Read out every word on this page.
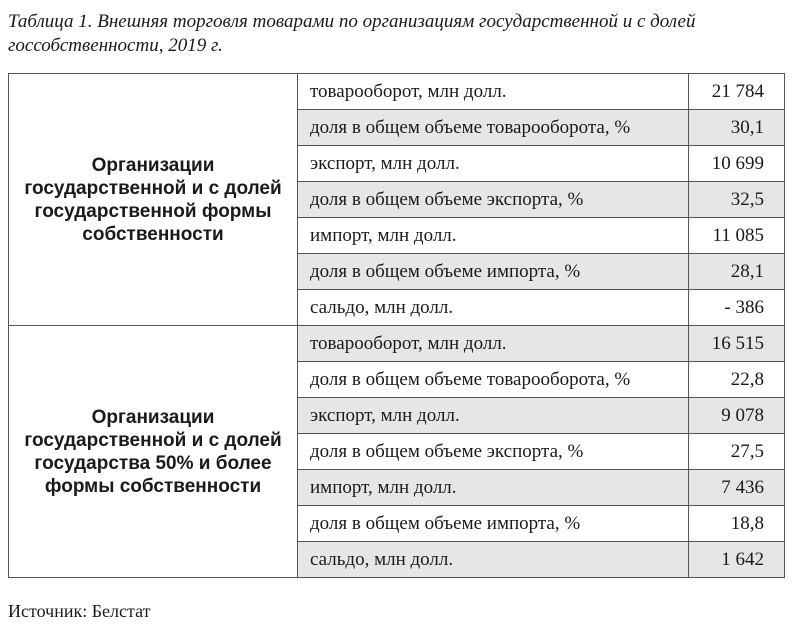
Таблица 1. Внешняя торговля товарами по организациям государственной и с долей госсобственности, 2019 г.

Организации государственной и с долей государственной формы собственности	товарооборот, млн долл.	21 784
	доля в общем объеме товарооборота, %	30,1
	экспорт, млн долл.	10 699
	доля в общем объеме экспорта, %	32,5
	импорт, млн долл.	11 085
	доля в общем объеме импорта, %	28,1
	сальдо, млн долл.	- 386
Организации государственной и с долей государства 50% и более формы собственности	товарооборот, млн долл.	16 515
	доля в общем объеме товарооборота, %	22,8
	экспорт, млн долл.	9 078
	доля в общем объеме экспорта, %	27,5
	импорт, млн долл.	7 436
	доля в общем объеме импорта, %	18,8
	сальдо, млн долл.	1 642

Источник: Белстат
